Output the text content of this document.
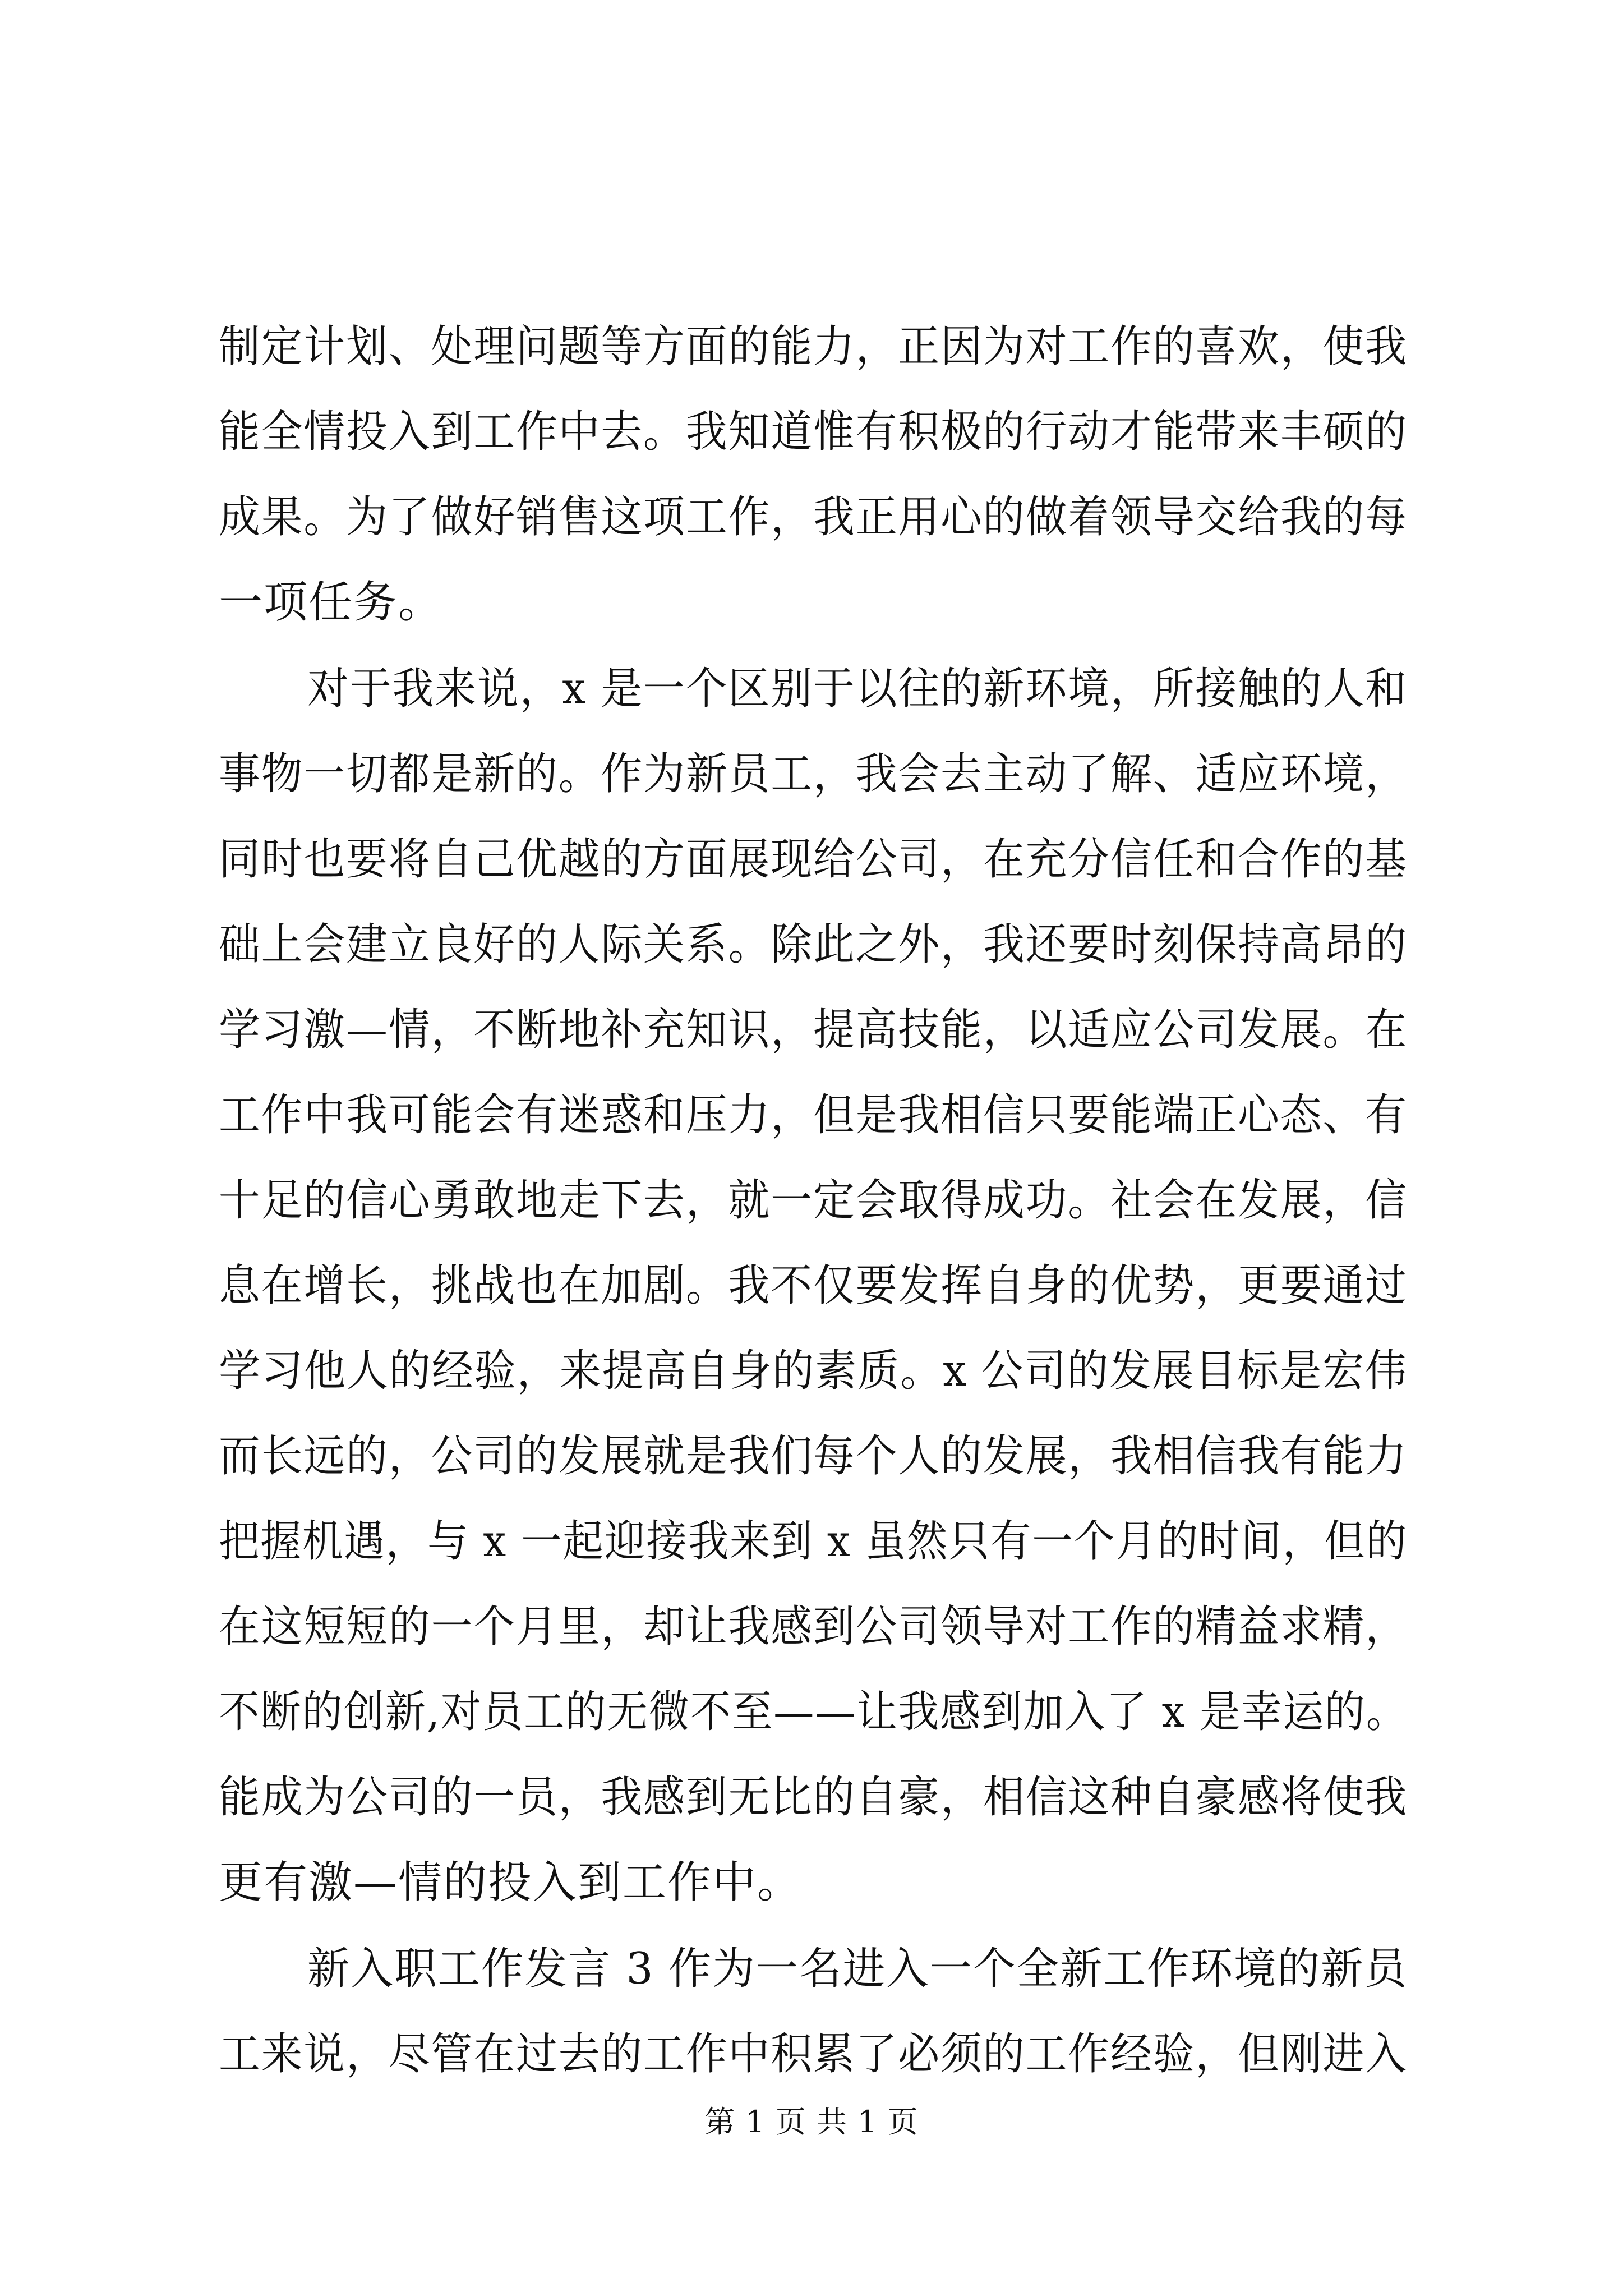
制定计划、处理问题等方面的能力，正因为对工作的喜欢，使我

能全情投入到工作中去。我知道惟有积极的行动才能带来丰硕的

成果。为了做好销售这项工作，我正用心的做着领导交给我的每

一项任务。

对于我来说，x 是一个区别于以往的新环境，所接触的人和

事物一切都是新的。作为新员工，我会去主动了解、适应环境，

同时也要将自己优越的方面展现给公司，在充分信任和合作的基

础上会建立良好的人际关系。除此之外，我还要时刻保持高昂的

学习激—情，不断地补充知识，提高技能，以适应公司发展。在

工作中我可能会有迷惑和压力，但是我相信只要能端正心态、有

十足的信心勇敢地走下去，就一定会取得成功。社会在发展，信

息在增长，挑战也在加剧。我不仅要发挥自身的优势，更要通过

学习他人的经验，来提高自身的素质。x 公司的发展目标是宏伟

而长远的，公司的发展就是我们每个人的发展，我相信我有能力

把握机遇，与 x 一起迎接我来到 x 虽然只有一个月的时间，但的

在这短短的一个月里，却让我感到公司领导对工作的精益求精，

不断的创新,对员工的无微不至——让我感到加入了 x 是幸运的。

能成为公司的一员，我感到无比的自豪，相信这种自豪感将使我

更有激—情的投入到工作中。

新入职工作发言 3 作为一名进入一个全新工作环境的新员

工来说，尽管在过去的工作中积累了必须的工作经验，但刚进入

第 1 页 共 1 页
